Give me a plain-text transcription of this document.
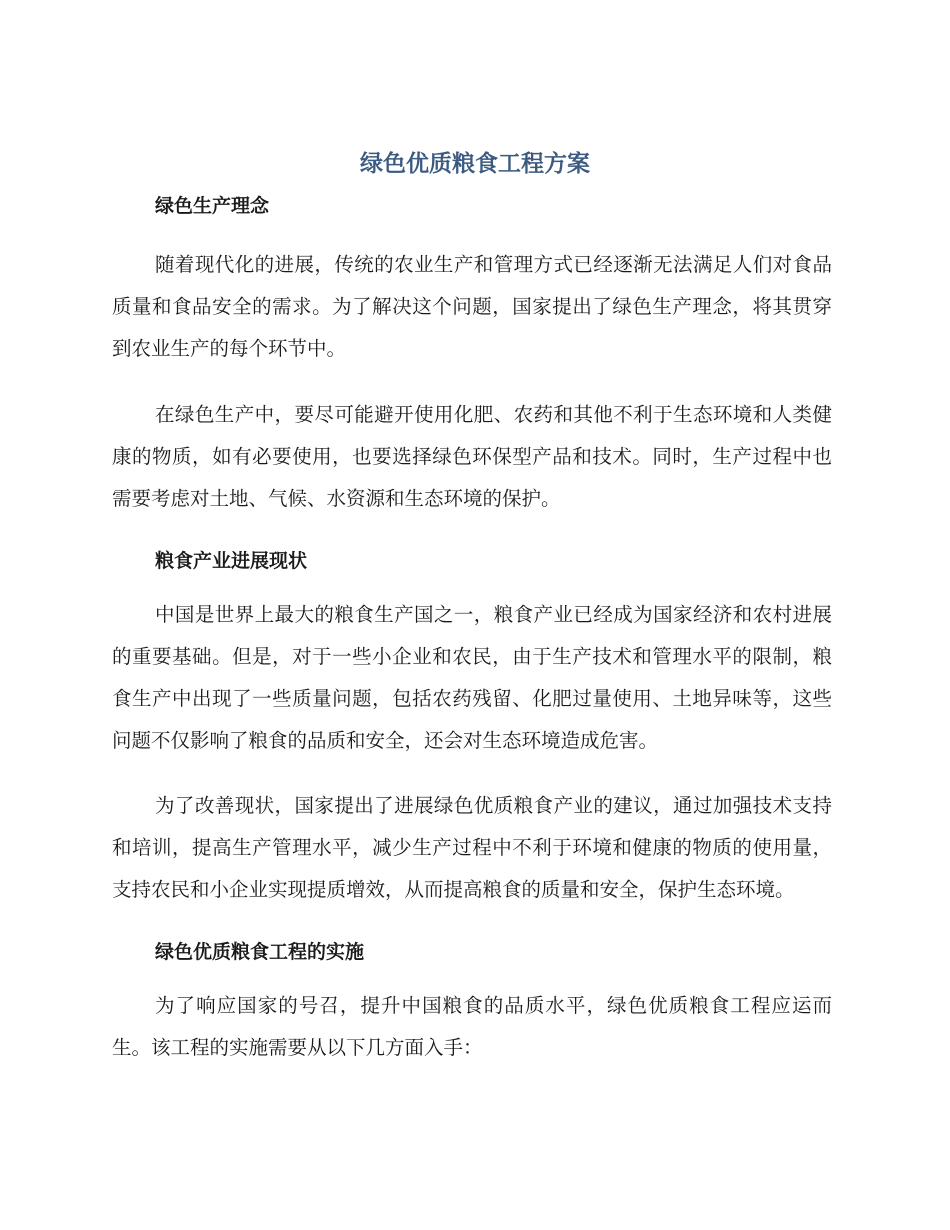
绿色优质粮食工程方案
绿色生产理念

随着现代化的进展，传统的农业生产和管理方式已经逐渐无法满足人们对食品质量和食品安全的需求。为了解决这个问题，国家提出了绿色生产理念，将其贯穿到农业生产的每个环节中。

在绿色生产中，要尽可能避开使用化肥、农药和其他不利于生态环境和人类健康的物质，如有必要使用，也要选择绿色环保型产品和技术。同时，生产过程中也需要考虑对土地、气候、水资源和生态环境的保护。

粮食产业进展现状

中国是世界上最大的粮食生产国之一，粮食产业已经成为国家经济和农村进展的重要基础。但是，对于一些小企业和农民，由于生产技术和管理水平的限制，粮食生产中出现了一些质量问题，包括农药残留、化肥过量使用、土地异味等，这些问题不仅影响了粮食的品质和安全，还会对生态环境造成危害。

为了改善现状，国家提出了进展绿色优质粮食产业的建议，通过加强技术支持和培训，提高生产管理水平，减少生产过程中不利于环境和健康的物质的使用量，支持农民和小企业实现提质增效，从而提高粮食的质量和安全，保护生态环境。

绿色优质粮食工程的实施

为了响应国家的号召，提升中国粮食的品质水平，绿色优质粮食工程应运而生。该工程的实施需要从以下几方面入手：
